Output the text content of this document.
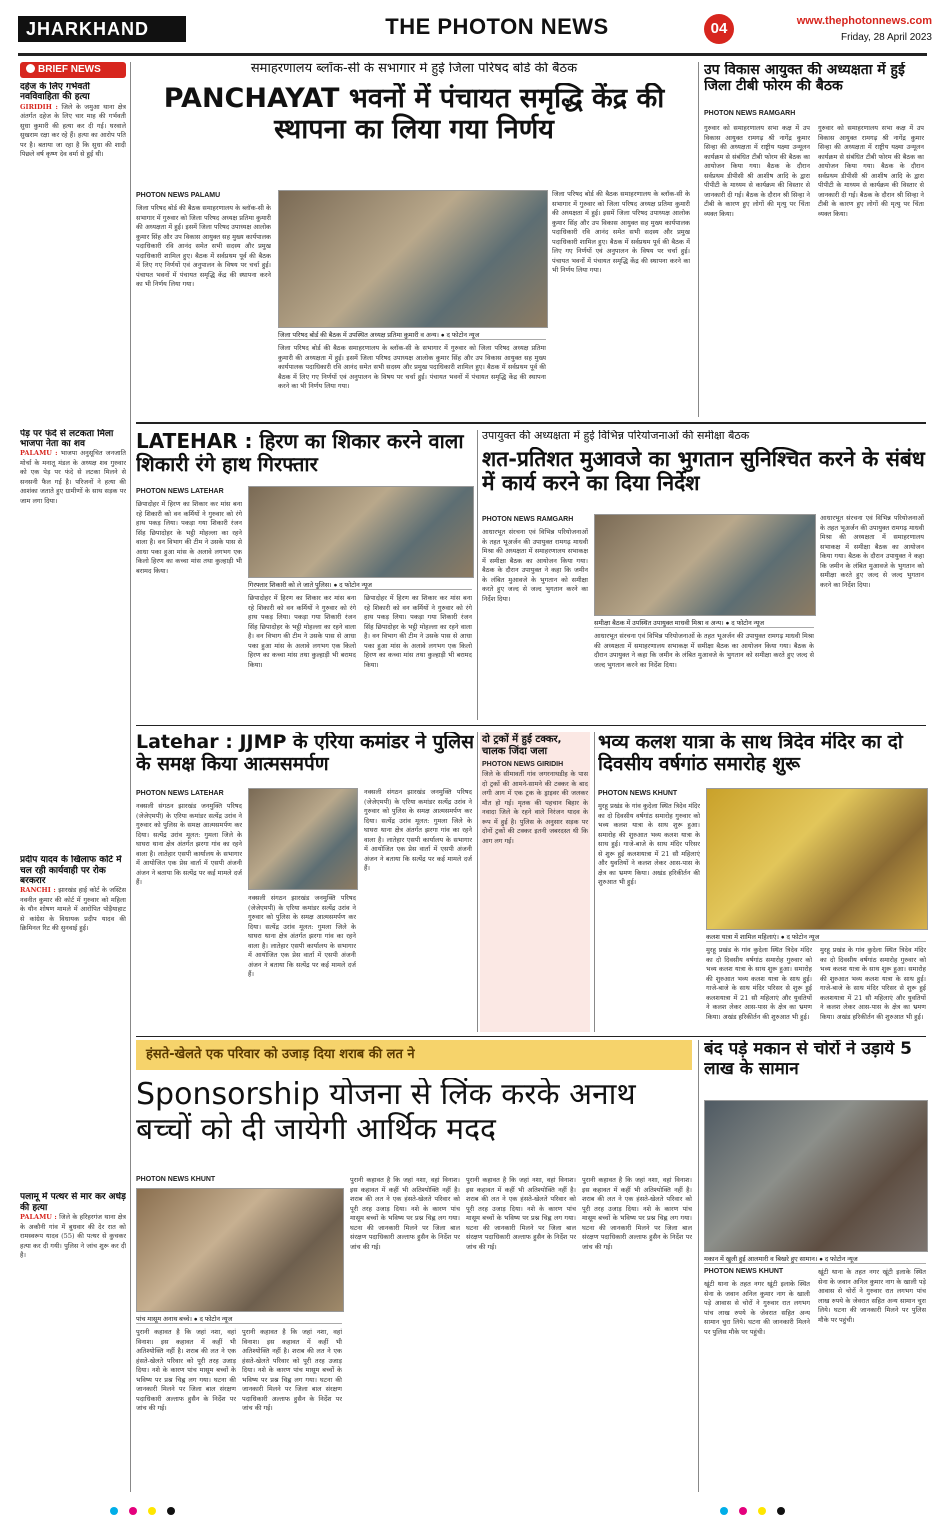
JHARKHAND	THE PHOTON NEWS	04	www.thephotonnews.com
Friday, 28 April 2023
BRIEF NEWS
दहेज के लिए गर्भवती नवविवाहिता की हत्या
GIRIDIH : जिले के जमुआ थाना क्षेत्र अंतर्गत दहेज के लिए चार माह की गर्भवती सुधा कुमारी की हत्या कर दी गई। घरवाले सुखराम रक्षा कर रहे हैं। हत्या का आरोप पति पर है। बताया जा रहा है कि सुधा की शादी पिछले वर्ष कृष्ण देव वर्मा से हुई थी।
पेड़ पर फंदे से लटकता मिला भाजपा नेता का शव
PALAMU : भाजपा अनुसूचित जनजाति मोर्चा के मनातू मंडल के अध्यक्ष शव गुरुवार को एक पेड़ पर फंदे से लटका मिलने से सनसनी फैल गई है। परिजनों ने हत्या की आशंका जताते हुए ग्रामीणों के साथ सड़क पर जाम लगा दिया।
प्रदीप यादव के खिलाफ कोर्ट में चल रही कार्यवाही पर रोक बरकरार
RANCHI : झारखंड हाई कोर्ट के जस्टिस नवनीत कुमार की कोर्ट में गुरुवार को महिला के यौन शोषण मामले में आरोपित पोड़ैयाहाट से कांग्रेस के विधायक प्रदीप यादव की क्रिमिनल रिट की सुनवाई हुई।
पलामू में पत्थर से मार कर अधेड़ की हत्या
PALAMU : जिले के हरिहरगंज थाना क्षेत्र के अकौनी गांव में बुधवार की देर रात को रामस्वरूप यादव (55) की पत्थर से कुचकर हत्या कर दी गयी। पुलिस ने जांच शुरू कर दी है।
समाहरणालय ब्लॉक-सी के सभागार में हुई जिला परिषद बोर्ड की बैठक
PANCHAYAT भवनों में पंचायत समृद्धि केंद्र की स्थापना का लिया गया निर्णय
PHOTON NEWS PALAMU
जिला परिषद बोर्ड की बैठक समाहरणालय के ब्लॉक-सी के सभागार में गुरुवार को जिला परिषद अध्यक्ष प्रतिमा कुमारी की अध्यक्षता में हुई। इसमें जिला परिषद उपाध्यक्ष आलोक कुमार सिंह और उप विकास आयुक्त सह मुख्य कार्यपालक पदाधिकारी रवि आनंद समेत सभी सदस्य और प्रमुख पदाधिकारी शामिल हुए। बैठक में सर्वप्रथम पूर्व की बैठक में लिए गए निर्णयों एवं अनुपालन के विषय पर चर्चा हुई। पंचायत भवनों में पंचायत समृद्धि केंद्र की स्थापना करने का भी निर्णय लिया गया।
जिला परिषद बोर्ड की बैठक में उपस्थित अध्यक्ष प्रतिमा कुमारी व अन्य। ● द फोटोन न्यूज
जिला परिषद बोर्ड की बैठक समाहरणालय के ब्लॉक-सी के सभागार में गुरुवार को जिला परिषद अध्यक्ष प्रतिमा कुमारी की अध्यक्षता में हुई। इसमें जिला परिषद उपाध्यक्ष आलोक कुमार सिंह और उप विकास आयुक्त सह मुख्य कार्यपालक पदाधिकारी रवि आनंद समेत सभी सदस्य और प्रमुख पदाधिकारी शामिल हुए। बैठक में सर्वप्रथम पूर्व की बैठक में लिए गए निर्णयों एवं अनुपालन के विषय पर चर्चा हुई। पंचायत भवनों में पंचायत समृद्धि केंद्र की स्थापना करने का भी निर्णय लिया गया।
जिला परिषद बोर्ड की बैठक समाहरणालय के ब्लॉक-सी के सभागार में गुरुवार को जिला परिषद अध्यक्ष प्रतिमा कुमारी की अध्यक्षता में हुई। इसमें जिला परिषद उपाध्यक्ष आलोक कुमार सिंह और उप विकास आयुक्त सह मुख्य कार्यपालक पदाधिकारी रवि आनंद समेत सभी सदस्य और प्रमुख पदाधिकारी शामिल हुए। बैठक में सर्वप्रथम पूर्व की बैठक में लिए गए निर्णयों एवं अनुपालन के विषय पर चर्चा हुई। पंचायत भवनों में पंचायत समृद्धि केंद्र की स्थापना करने का भी निर्णय लिया गया।
उप विकास आयुक्त की अध्यक्षता में हुई जिला टीबी फोरम की बैठक
PHOTON NEWS RAMGARH
गुरुवार को समाहरणालय सभा कक्ष में उप विकास आयुक्त रामगढ़ श्री नागेंद्र कुमार सिन्हा की अध्यक्षता में राष्ट्रीय यक्ष्मा उन्मूलन कार्यक्रम से संबंधित टीबी फोरम की बैठक का आयोजन किया गया। बैठक के दौरान सर्वप्रथम डीपीसी श्री आशीष आदि के द्वारा पीपीटी के माध्यम से कार्यक्रम की विस्तार से जानकारी दी गई। बैठक के दौरान श्री सिन्हा ने टीबी के कारण हुए लोगों की मृत्यु पर चिंता व्यक्त किया।
गुरुवार को समाहरणालय सभा कक्ष में उप विकास आयुक्त रामगढ़ श्री नागेंद्र कुमार सिन्हा की अध्यक्षता में राष्ट्रीय यक्ष्मा उन्मूलन कार्यक्रम से संबंधित टीबी फोरम की बैठक का आयोजन किया गया। बैठक के दौरान सर्वप्रथम डीपीसी श्री आशीष आदि के द्वारा पीपीटी के माध्यम से कार्यक्रम की विस्तार से जानकारी दी गई। बैठक के दौरान श्री सिन्हा ने टीबी के कारण हुए लोगों की मृत्यु पर चिंता व्यक्त किया।
LATEHAR : हिरण का शिकार करने वाला शिकारी रंगे हाथ गिरफ्तार
PHOTON NEWS LATEHAR
छिपादोहर में हिरण का शिकार कर मांस बना रहे शिकारी को वन कर्मियों ने गुरुवार को रंगे हाथ पकड़ लिया। पकड़ा गया शिकारी रंजन सिंह छिपादोहर के भट्ठी मोहल्ला का रहने वाला है। वन विभाग की टीम ने उसके पास से आधा पका हुआ मांस के अलावे लगभग एक किलो हिरण का कच्चा मांस तथा कुल्हाड़ी भी बरामद किया।
गिरफ्तार शिकारी को ले जाते पुलिस। ● द फोटोन न्यूज
छिपादोहर में हिरण का शिकार कर मांस बना रहे शिकारी को वन कर्मियों ने गुरुवार को रंगे हाथ पकड़ लिया। पकड़ा गया शिकारी रंजन सिंह छिपादोहर के भट्ठी मोहल्ला का रहने वाला है। वन विभाग की टीम ने उसके पास से आधा पका हुआ मांस के अलावे लगभग एक किलो हिरण का कच्चा मांस तथा कुल्हाड़ी भी बरामद किया।
छिपादोहर में हिरण का शिकार कर मांस बना रहे शिकारी को वन कर्मियों ने गुरुवार को रंगे हाथ पकड़ लिया। पकड़ा गया शिकारी रंजन सिंह छिपादोहर के भट्ठी मोहल्ला का रहने वाला है। वन विभाग की टीम ने उसके पास से आधा पका हुआ मांस के अलावे लगभग एक किलो हिरण का कच्चा मांस तथा कुल्हाड़ी भी बरामद किया।
उपायुक्त की अध्यक्षता में हुई विभिन्न परियोजनाओं की समीक्षा बैठक
शत-प्रतिशत मुआवजे का भुगतान सुनिश्चित करने के संबंध में कार्य करने का दिया निर्देश
PHOTON NEWS RAMGARH
आधारभूत संरचना एवं विभिन्न परियोजनाओं के तहत भूअर्जन की उपायुक्त रामगढ़ माधवी मिश्रा की अध्यक्षता में समाहरणालय सभाकक्ष में समीक्षा बैठक का आयोजन किया गया। बैठक के दौरान उपायुक्त ने कहा कि जमीन के लंबित मुआवजे के भुगतान को समीक्षा करते हुए जल्द से जल्द भुगतान करने का निर्देश दिया।
समीक्षा बैठक में उपस्थित उपायुक्त माधवी मिश्रा व अन्य। ● द फोटोन न्यूज
आधारभूत संरचना एवं विभिन्न परियोजनाओं के तहत भूअर्जन की उपायुक्त रामगढ़ माधवी मिश्रा की अध्यक्षता में समाहरणालय सभाकक्ष में समीक्षा बैठक का आयोजन किया गया। बैठक के दौरान उपायुक्त ने कहा कि जमीन के लंबित मुआवजे के भुगतान को समीक्षा करते हुए जल्द से जल्द भुगतान करने का निर्देश दिया।
आधारभूत संरचना एवं विभिन्न परियोजनाओं के तहत भूअर्जन की उपायुक्त रामगढ़ माधवी मिश्रा की अध्यक्षता में समाहरणालय सभाकक्ष में समीक्षा बैठक का आयोजन किया गया। बैठक के दौरान उपायुक्त ने कहा कि जमीन के लंबित मुआवजे के भुगतान को समीक्षा करते हुए जल्द से जल्द भुगतान करने का निर्देश दिया।
Latehar : JJMP के एरिया कमांडर ने पुलिस के समक्ष किया आत्मसमर्पण
PHOTON NEWS LATEHAR
नक्सली संगठन झारखंड जनमुक्ति परिषद (जेजेएमपी) के एरिया कमांडर सत्येंद्र उरांव ने गुरुवार को पुलिस के समक्ष आत्मसमर्पण कर दिया। सत्येंद्र उरांव मूलत: गुमला जिले के घाघरा थाना क्षेत्र अंतर्गत झरगा गांव का रहने वाला है। लातेहार एसपी कार्यालय के सभागार में आयोजित एक प्रेस वार्ता में एसपी अंजनी अंजन ने बताया कि सत्येंद्र पर कई मामले दर्ज हैं।
नक्सली संगठन झारखंड जनमुक्ति परिषद (जेजेएमपी) के एरिया कमांडर सत्येंद्र उरांव ने गुरुवार को पुलिस के समक्ष आत्मसमर्पण कर दिया। सत्येंद्र उरांव मूलत: गुमला जिले के घाघरा थाना क्षेत्र अंतर्गत झरगा गांव का रहने वाला है। लातेहार एसपी कार्यालय के सभागार में आयोजित एक प्रेस वार्ता में एसपी अंजनी अंजन ने बताया कि सत्येंद्र पर कई मामले दर्ज हैं।
नक्सली संगठन झारखंड जनमुक्ति परिषद (जेजेएमपी) के एरिया कमांडर सत्येंद्र उरांव ने गुरुवार को पुलिस के समक्ष आत्मसमर्पण कर दिया। सत्येंद्र उरांव मूलत: गुमला जिले के घाघरा थाना क्षेत्र अंतर्गत झरगा गांव का रहने वाला है। लातेहार एसपी कार्यालय के सभागार में आयोजित एक प्रेस वार्ता में एसपी अंजनी अंजन ने बताया कि सत्येंद्र पर कई मामले दर्ज हैं।
दो ट्रकों में हुई टक्कर, चालक जिंदा जला
PHOTON NEWS GIRIDIH
जिले के सीमावर्ती गांव जगरनाथडीह के पास दो ट्रकों की आमने-सामने की टक्कर के बाद लगी आग में एक ट्रक के ड्राइवर की जलकर मौत हो गई। मृतक की पहचान बिहार के नवादा जिले के रहने वाले निरंजन यादव के रूप में हुई है। पुलिस के अनुसार सड़क पर दोनों ट्रकों की टक्कर इतनी जबरदस्त थी कि आग लग गई।
भव्य कलश यात्रा के साथ त्रिदेव मंदिर का दो दिवसीय वर्षगांठ समारोह शुरू
PHOTON NEWS KHUNT
मुरहू प्रखंड के गांव कुदेला स्थित त्रिदेव मंदिर का दो दिवसीय वर्षगांठ समारोह गुरुवार को भव्य कलश यात्रा के साथ शुरू हुआ। समारोह की शुरुआत भव्य कलश यात्रा के साथ हुई। गाजे-बाजे के साथ मंदिर परिसर से शुरू हुई कलशयात्रा में 21 सौ महिलाएं और युवतियों ने कलश लेकर आस-पास के क्षेत्र का भ्रमण किया। अखंड हरिकीर्तन की शुरुआत भी हुई।
कलश यात्रा में शामिल महिलाएं। ● द फोटोन न्यूज
मुरहू प्रखंड के गांव कुदेला स्थित त्रिदेव मंदिर का दो दिवसीय वर्षगांठ समारोह गुरुवार को भव्य कलश यात्रा के साथ शुरू हुआ। समारोह की शुरुआत भव्य कलश यात्रा के साथ हुई। गाजे-बाजे के साथ मंदिर परिसर से शुरू हुई कलशयात्रा में 21 सौ महिलाएं और युवतियों ने कलश लेकर आस-पास के क्षेत्र का भ्रमण किया। अखंड हरिकीर्तन की शुरुआत भी हुई।
मुरहू प्रखंड के गांव कुदेला स्थित त्रिदेव मंदिर का दो दिवसीय वर्षगांठ समारोह गुरुवार को भव्य कलश यात्रा के साथ शुरू हुआ। समारोह की शुरुआत भव्य कलश यात्रा के साथ हुई। गाजे-बाजे के साथ मंदिर परिसर से शुरू हुई कलशयात्रा में 21 सौ महिलाएं और युवतियों ने कलश लेकर आस-पास के क्षेत्र का भ्रमण किया। अखंड हरिकीर्तन की शुरुआत भी हुई।
हंसते-खेलते एक परिवार को उजाड़ दिया शराब की लत ने
Sponsorship योजना से लिंक करके अनाथ बच्चों को दी जायेगी आर्थिक मदद
PHOTON NEWS KHUNT
पांच मासूम अनाथ बच्चे। ● द फोटोन न्यूज
पुरानी कहावत है कि जहां नशा, वहां विनाश। इस कहावत में कहीं भी अतिश्योक्ति नहीं है। शराब की लत ने एक हंसते-खेलते परिवार को पूरी तरह उजाड़ दिया। नशे के कारण पांच मासूम बच्चों के भविष्य पर प्रश्न चिह्न लग गया। घटना की जानकारी मिलने पर जिला बाल संरक्षण पदाधिकारी अल्ताफ हुसैन के निर्देश पर जांच की गई।
पुरानी कहावत है कि जहां नशा, वहां विनाश। इस कहावत में कहीं भी अतिश्योक्ति नहीं है। शराब की लत ने एक हंसते-खेलते परिवार को पूरी तरह उजाड़ दिया। नशे के कारण पांच मासूम बच्चों के भविष्य पर प्रश्न चिह्न लग गया। घटना की जानकारी मिलने पर जिला बाल संरक्षण पदाधिकारी अल्ताफ हुसैन के निर्देश पर जांच की गई।
पुरानी कहावत है कि जहां नशा, वहां विनाश। इस कहावत में कहीं भी अतिश्योक्ति नहीं है। शराब की लत ने एक हंसते-खेलते परिवार को पूरी तरह उजाड़ दिया। नशे के कारण पांच मासूम बच्चों के भविष्य पर प्रश्न चिह्न लग गया। घटना की जानकारी मिलने पर जिला बाल संरक्षण पदाधिकारी अल्ताफ हुसैन के निर्देश पर जांच की गई।
पुरानी कहावत है कि जहां नशा, वहां विनाश। इस कहावत में कहीं भी अतिश्योक्ति नहीं है। शराब की लत ने एक हंसते-खेलते परिवार को पूरी तरह उजाड़ दिया। नशे के कारण पांच मासूम बच्चों के भविष्य पर प्रश्न चिह्न लग गया। घटना की जानकारी मिलने पर जिला बाल संरक्षण पदाधिकारी अल्ताफ हुसैन के निर्देश पर जांच की गई।
पुरानी कहावत है कि जहां नशा, वहां विनाश। इस कहावत में कहीं भी अतिश्योक्ति नहीं है। शराब की लत ने एक हंसते-खेलते परिवार को पूरी तरह उजाड़ दिया। नशे के कारण पांच मासूम बच्चों के भविष्य पर प्रश्न चिह्न लग गया। घटना की जानकारी मिलने पर जिला बाल संरक्षण पदाधिकारी अल्ताफ हुसैन के निर्देश पर जांच की गई।
बंद पड़े मकान से चोरों ने उड़ाये 5 लाख के सामान
मकान में खुली हुई आलमारी व बिखरे हुए सामान। ● द फोटोन न्यूज
PHOTON NEWS KHUNT
खूंटी थाना के तहत नगर खूंटी इलाके स्थित सेना के जवान अनिल कुमार नाग के खाली पड़े आवास से चोरों ने गुरुवार रात लगभग पांच लाख रुपये के जेवरात सहित अन्य सामान चुरा लिये। घटना की जानकारी मिलने पर पुलिस मौके पर पहुंची।
खूंटी थाना के तहत नगर खूंटी इलाके स्थित सेना के जवान अनिल कुमार नाग के खाली पड़े आवास से चोरों ने गुरुवार रात लगभग पांच लाख रुपये के जेवरात सहित अन्य सामान चुरा लिये। घटना की जानकारी मिलने पर पुलिस मौके पर पहुंची।
